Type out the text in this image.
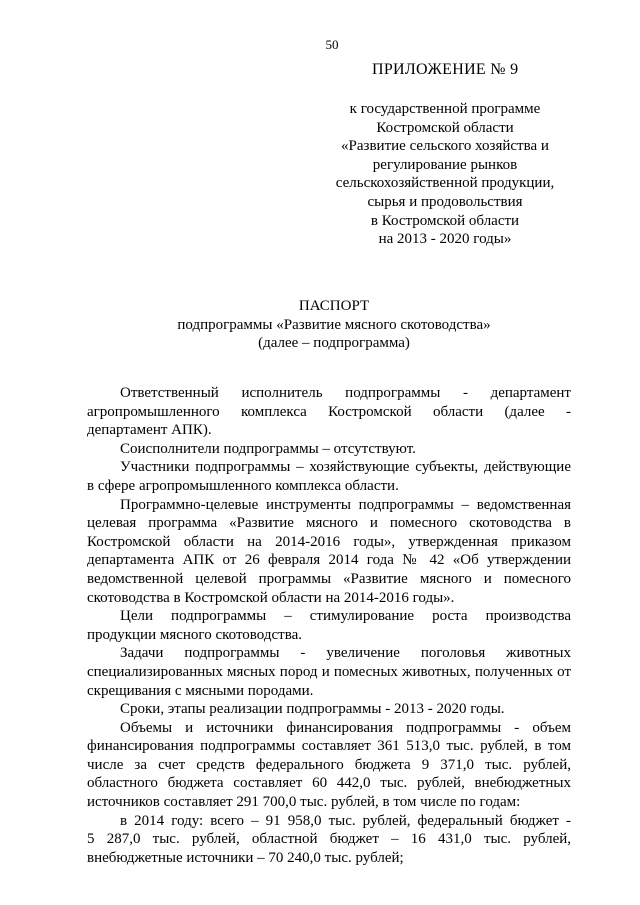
50
ПРИЛОЖЕНИЕ № 9
к государственной программе
Костромской области
«Развитие сельского хозяйства и
регулирование рынков
сельскохозяйственной продукции,
сырья и продовольствия
в Костромской области
на 2013 - 2020 годы»
ПАСПОРТ
подпрограммы «Развитие мясного скотоводства»
(далее – подпрограмма)
Ответственный исполнитель подпрограммы - департамент
агропромышленного комплекса Костромской области (далее -
департамент АПК).
Соисполнители подпрограммы – отсутствуют.
Участники подпрограммы – хозяйствующие субъекты, действующие
в сфере агропромышленного комплекса области.
Программно-целевые инструменты подпрограммы – ведомственная
целевая программа «Развитие мясного и помесного скотоводства в
Костромской области на 2014-2016 годы», утвержденная приказом
департамента АПК от 26 февраля 2014 года № 42 «Об утверждении
ведомственной целевой программы «Развитие мясного и помесного
скотоводства в Костромской области на 2014-2016 годы».
Цели подпрограммы – стимулирование роста производства
продукции мясного скотоводства.
Задачи подпрограммы - увеличение поголовья животных
специализированных мясных пород и помесных животных, полученных от
скрещивания с мясными породами.
Сроки, этапы реализации подпрограммы - 2013 - 2020 годы.
Объемы и источники финансирования подпрограммы - объем
финансирования подпрограммы составляет 361 513,0 тыс. рублей, в том
числе за счет средств федерального бюджета 9 371,0 тыс. рублей,
областного бюджета составляет 60 442,0 тыс. рублей, внебюджетных
источников составляет 291 700,0 тыс. рублей, в том числе по годам:
в 2014 году: всего – 91 958,0 тыс. рублей, федеральный бюджет -
5 287,0 тыс. рублей, областной бюджет – 16 431,0 тыс. рублей,
внебюджетные источники – 70 240,0 тыс. рублей;
